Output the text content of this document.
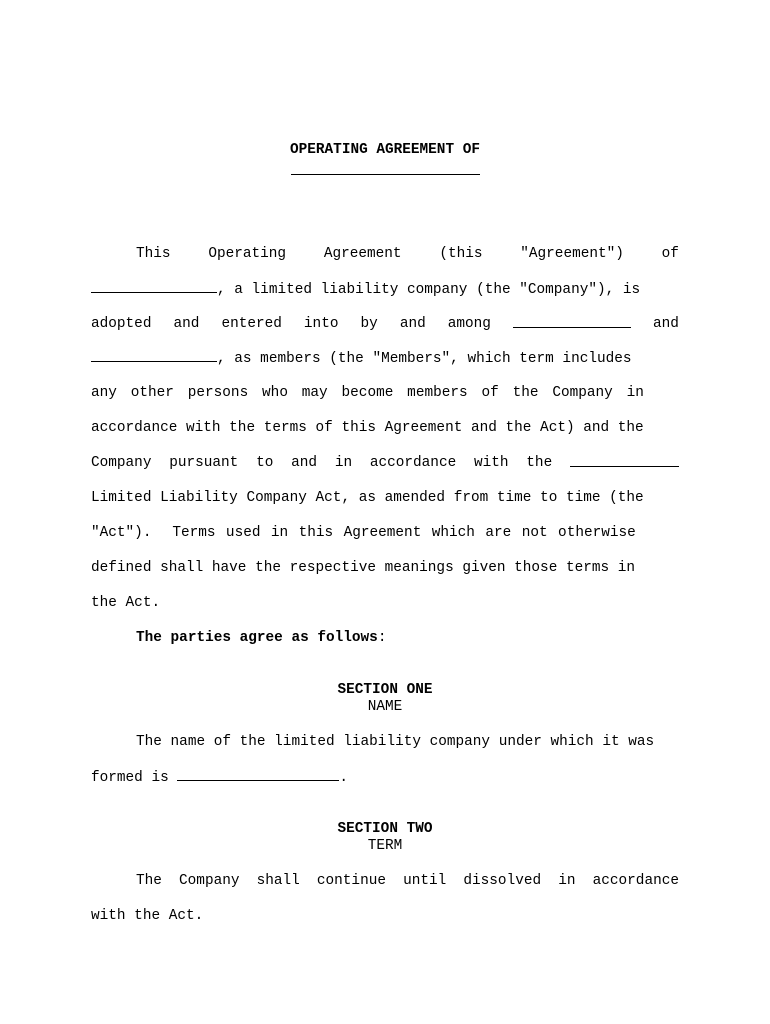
OPERATING AGREEMENT OF
This	Operating	Agreement	(this	"Agreement")	of
, a limited liability company (the "Company"), is
adopted and entered into by and among	and
, as members (the "Members", which term includes
any other persons who may become members of the Company in
accordance with the terms of this Agreement and the Act) and the
Company pursuant to and in accordance with the
Limited Liability Company Act, as amended from time to time (the
"Act").  Terms used in this Agreement which are not otherwise
defined shall have the respective meanings given those terms in
the Act.
The parties agree as follows:
SECTION ONE
NAME
The name of the limited liability company under which it was
formed is	.
SECTION TWO
TERM
The Company shall continue until dissolved in accordance
with the Act.
